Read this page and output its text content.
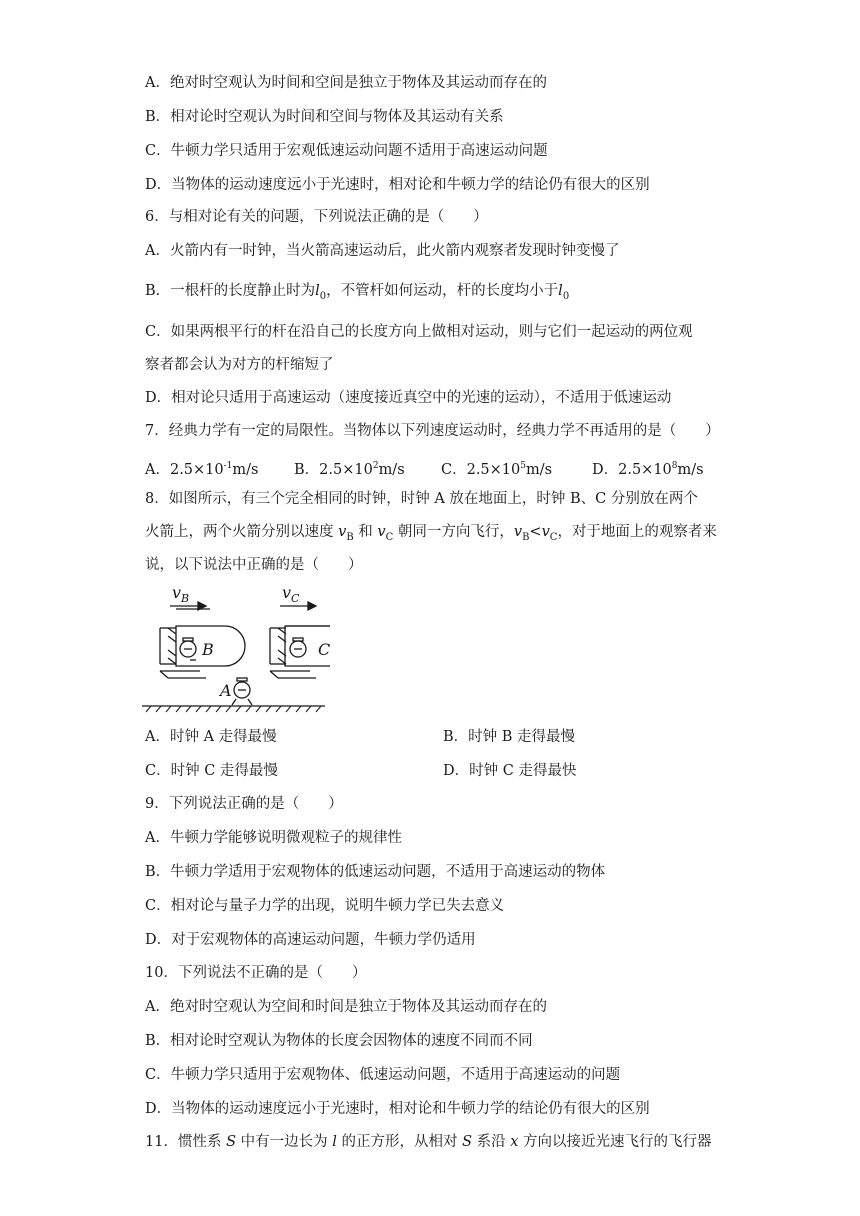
A．绝对时空观认为时间和空间是独立于物体及其运动而存在的
B．相对论时空观认为时间和空间与物体及其运动有关系
C．牛顿力学只适用于宏观低速运动问题不适用于高速运动问题
D．当物体的运动速度远小于光速时，相对论和牛顿力学的结论仍有很大的区别
6．与相对论有关的问题，下列说法正确的是（　　）
A．火箭内有一时钟，当火箭高速运动后，此火箭内观察者发现时钟变慢了
B．一根杆的长度静止时为$l_0$，不管杆如何运动，杆的长度均小于$l_0$
C．如果两根平行的杆在沿自己的长度方向上做相对运动，则与它们一起运动的两位观
察者都会认为对方的杆缩短了
D．相对论只适用于高速运动（速度接近真空中的光速的运动），不适用于低速运动
7．经典力学有一定的局限性。当物体以下列速度运动时，经典力学不再适用的是（　　）
A．$2.5\times 10^{-1}m/s$ B．$2.5\times 10^2m/s$	C．$2.5\times 10^5m/s$	D．$2.5\times 10^8m/s$
8．如图所示，有三个完全相同的时钟，时钟 A 放在地面上，时钟 B、C 分别放在两个
火箭上，两个火箭分别以速度 $v_B$ 和 $v_C$ 朝同一方向飞行，$v_B<v_C$，对于地面上的观察者来
说，以下说法中正确的是（　　）
B	C
A
v B	v C
A．时钟 A 走得最慢	B．时钟 B 走得最慢
C．时钟 C 走得最慢	D．时钟 C 走得最快
9．下列说法正确的是（　　）
A．牛顿力学能够说明微观粒子的规律性
B．牛顿力学适用于宏观物体的低速运动问题，不适用于高速运动的物体
C．相对论与量子力学的出现，说明牛顿力学已失去意义
D．对于宏观物体的高速运动问题，牛顿力学仍适用
10．下列说法不正确的是（　　）
A．绝对时空观认为空间和时间是独立于物体及其运动而存在的
B．相对论时空观认为物体的长度会因物体的速度不同而不同
C．牛顿力学只适用于宏观物体、低速运动问题，不适用于高速运动的问题
D．当物体的运动速度远小于光速时，相对论和牛顿力学的结论仍有很大的区别
11．惯性系 S 中有一边长为 l 的正方形，从相对 S 系沿 x 方向以接近光速飞行的飞行器
